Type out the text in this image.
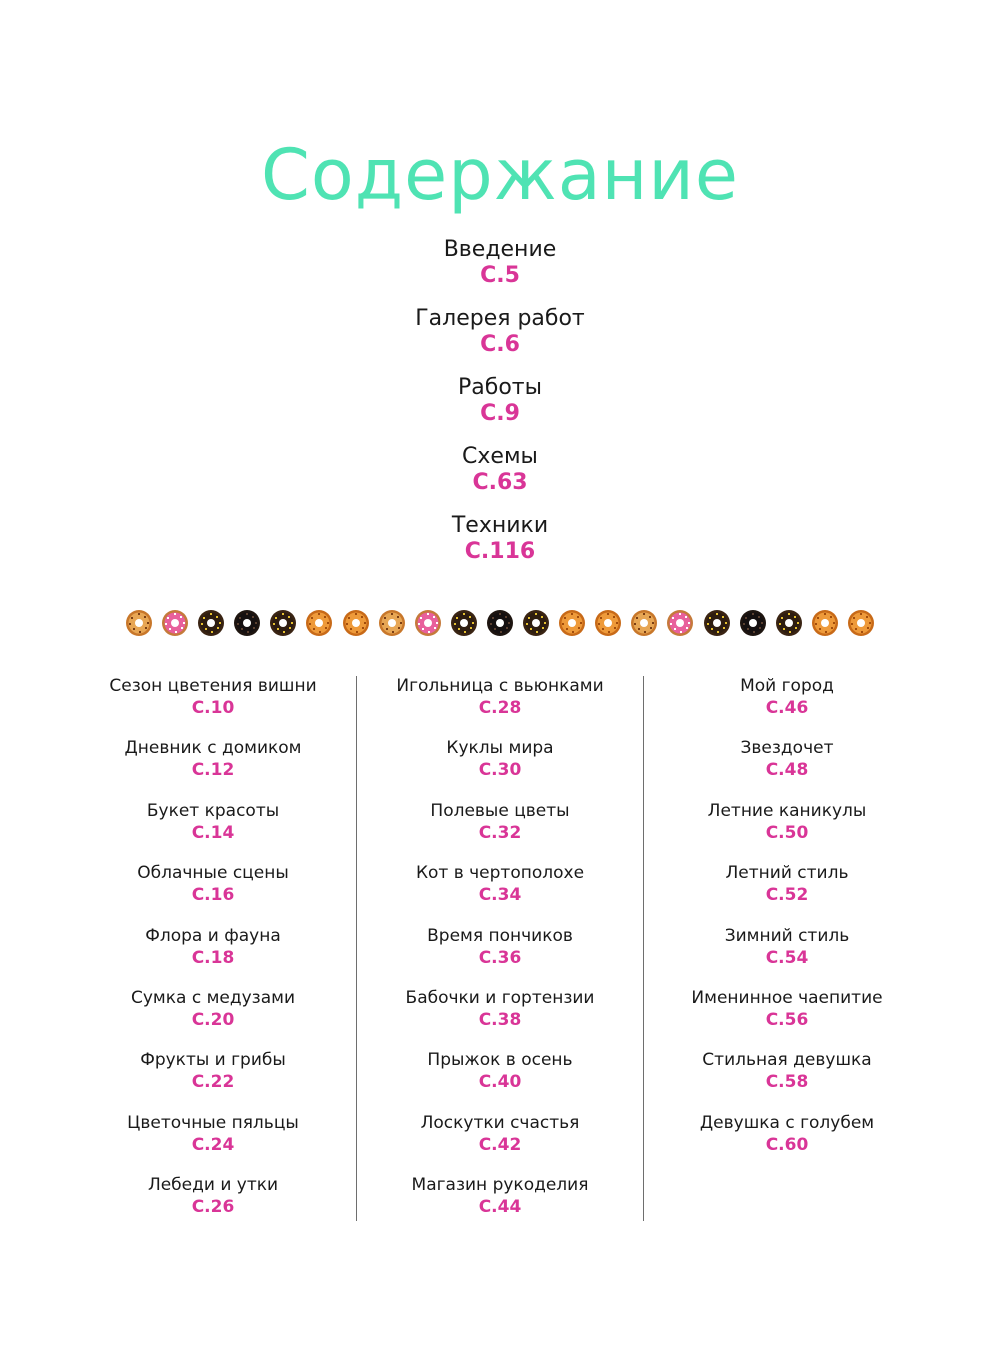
Содержание
Введение
С.5
Галерея работ
С.6
Работы
С.9
Схемы
С.63
Техники
С.116
Сезон цветения вишни
С.10
Дневник с домиком
С.12
Букет красоты
С.14
Облачные сцены
С.16
Флора и фауна
С.18
Сумка с медузами
С.20
Фрукты и грибы
С.22
Цветочные пяльцы
С.24
Лебеди и утки
С.26
Игольница с вьюнками
С.28
Куклы мира
С.30
Полевые цветы
С.32
Кот в чертополохе
С.34
Время пончиков
С.36
Бабочки и гортензии
С.38
Прыжок в осень
С.40
Лоскутки счастья
С.42
Магазин рукоделия
С.44
Мой город
С.46
Звездочет
С.48
Летние каникулы
С.50
Летний стиль
С.52
Зимний стиль
С.54
Именинное чаепитие
С.56
Стильная девушка
С.58
Девушка с голубем
С.60
